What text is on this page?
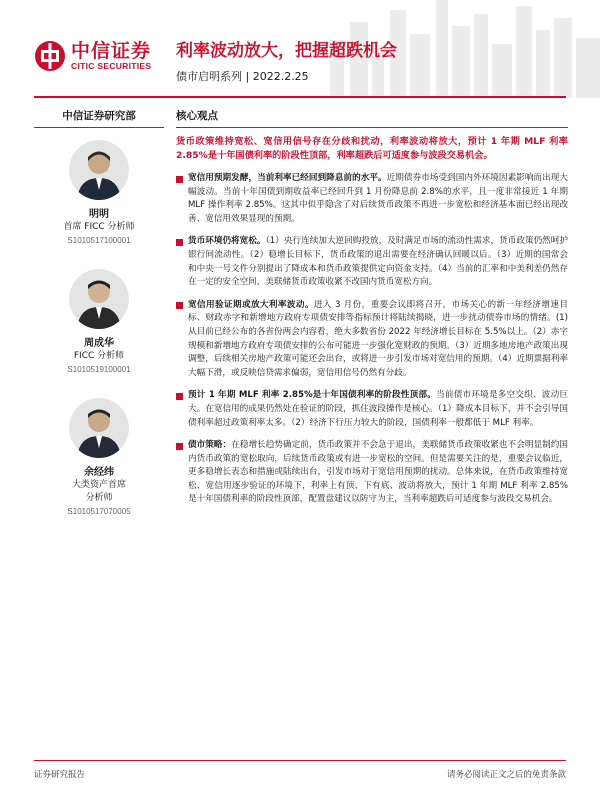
中信证券
CITIC SECURITIES
利率波动放大，把握超跌机会
债市启明系列 | 2022.2.25
中信证券研究部
明明
首席 FICC 分析师
S1010517100001
周成华
FICC 分析师
S1010519100001
余经纬
大类资产首席
分析师
S1010517070005
核心观点
货币政策维持宽松、宽信用信号存在分歧和扰动，利率波动将放大，预计 1 年期 MLF 利率 2.85%是十年国债利率的阶段性顶部，利率超跌后可适度参与波段交易机会。
宽信用预期发酵，当前利率已经回到降息前的水平。近期债券市场受到国内外环境因素影响而出现大幅波动。当前十年国债到期收益率已经回升到 1 月份降息前 2.8%的水平，且一度非常接近 1 年期 MLF 操作利率 2.85%。这其中似乎隐含了对后续货币政策不再进一步宽松和经济基本面已经出现改善、宽信用效果显现的预期。
货币环境仍将宽松。（1）央行连续加大逆回购投放，及时满足市场的流动性需求，货币政策仍然呵护银行间流动性。（2）稳增长目标下，货币政策的退出需要在经济确认回暖以后。（3）近期的国常会和中央一号文件分别提出了降成本和货币政策提供定向资金支持。（4）当前的汇率和中美利差仍然存在一定的安全空间，美联储货币政策收紧不改国内货币宽松方向。
宽信用验证期或放大利率波动。进入 3 月份，重要会议即将召开，市场关心的新一年经济增速目标、财政赤字和新增地方政府专项债安排等指标预计将陆续揭晓，进一步扰动债券市场的情绪。(1) 从目前已经公布的各省份两会内容看，绝大多数省份 2022 年经济增长目标在 5.5%以上。（2）赤字规模和新增地方政府专项债安排的公布可能进一步强化宽财政的预期。（3）近期多地房地产政策出现调整，后续相关房地产政策可能还会出台，或将进一步引发市场对宽信用的预期。（4）近期票据利率大幅下滑，或反映信贷需求偏弱，宽信用信号仍然有分歧。
预计 1 年期 MLF 利率 2.85%是十年国债利率的阶段性顶部。当前债市环境是多空交织、波动巨大。在宽信用的成果仍然处在验证的阶段，抓住波段操作是核心。（1）降成本目标下，并不会引导国债利率超过政策利率太多。（2）经济下行压力较大的阶段，国债利率一般都低于 MLF 利率。
债市策略：在稳增长趋势确定前，货币政策并不会急于退出，美联储货币政策收紧也不会明显制约国内货币政策的宽松取向，后续货币政策或有进一步宽松的空间。但是需要关注的是，重要会议临近，更多稳增长表态和措施或陆续出台，引发市场对于宽信用预期的扰动。总体来说，在货币政策维持宽松、宽信用逐步验证的环境下，利率上有顶、下有底、波动将放大，预计 1 年期 MLF 利率 2.85%是十年国债利率的阶段性顶部，配置盘建议以防守为主，当利率超跌后可适度参与波段交易机会。
证券研究报告	请务必阅读正文之后的免责条款
